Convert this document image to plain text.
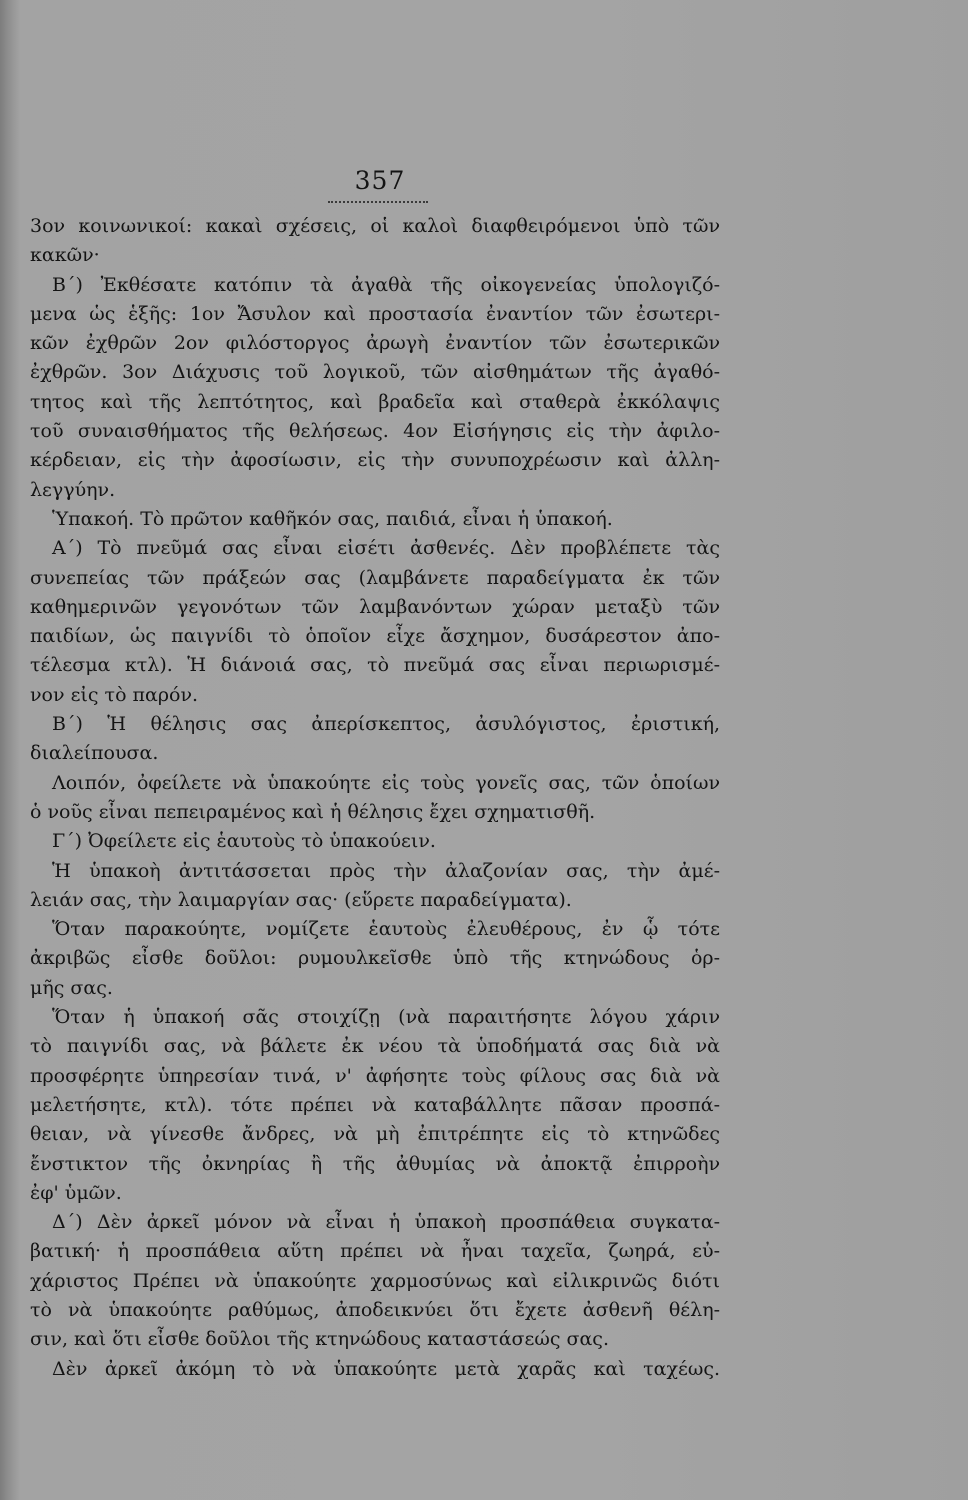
357
3ον κοινωνικοί: κακαὶ σχέσεις, οἱ καλοὶ διαφθειρόμενοι ὑπὸ τῶν
κακῶν·
Β΄) Ἐκθέσατε κατόπιν τὰ ἀγαθὰ τῆς οἰκογενείας ὑπολογιζό-
μενα ὡς ἑξῆς: 1ον Ἄσυλον καὶ προστασία ἐναντίον τῶν ἐσωτερι-
κῶν ἐχθρῶν 2ον φιλόστοργος ἀρωγὴ ἐναντίον τῶν ἐσωτερικῶν
ἐχθρῶν. 3ον Διάχυσις τοῦ λογικοῦ, τῶν αἰσθημάτων τῆς ἀγαθό-
τητος καὶ τῆς λεπτότητος, καὶ βραδεῖα καὶ σταθερὰ ἐκκόλαψις
τοῦ συναισθήματος τῆς θελήσεως. 4ον Εἰσήγησις εἰς τὴν ἀφιλο-
κέρδειαν, εἰς τὴν ἀφοσίωσιν, εἰς τὴν συνυποχρέωσιν καὶ ἀλλη-
λεγγύην.
Ὑπακοή. Τὸ πρῶτον καθῆκόν σας, παιδιά, εἶναι ἡ ὑπακοή.
Α΄) Τὸ πνεῦμά σας εἶναι εἰσέτι ἀσθενές. Δὲν προβλέπετε τὰς
συνεπείας τῶν πράξεών σας (λαμβάνετε παραδείγματα ἐκ τῶν
καθημερινῶν γεγονότων τῶν λαμβανόντων χώραν μεταξὺ τῶν
παιδίων, ὡς παιγνίδι τὸ ὁποῖον εἶχε ἄσχημον, δυσάρεστον ἀπο-
τέλεσμα κτλ). Ἡ διάνοιά σας, τὸ πνεῦμά σας εἶναι περιωρισμέ-
νον εἰς τὸ παρόν.
Β΄) Ἡ θέλησις σας ἀπερίσκεπτος, ἀσυλόγιστος, ἐριστική,
διαλείπουσα.
Λοιπόν, ὀφείλετε νὰ ὑπακούητε εἰς τοὺς γονεῖς σας, τῶν ὁποίων
ὁ νοῦς εἶναι πεπειραμένος καὶ ἡ θέλησις ἔχει σχηματισθῆ.
Γ΄) Ὀφείλετε εἰς ἑαυτοὺς τὸ ὑπακούειν.
Ἡ ὑπακοὴ ἀντιτάσσεται πρὸς τὴν ἀλαζονίαν σας, τὴν ἀμέ-
λειάν σας, τὴν λαιμαργίαν σας· (εὕρετε παραδείγματα).
Ὅταν παρακούητε, νομίζετε ἑαυτοὺς ἐλευθέρους, ἐν ᾧ τότε
ἀκριβῶς εἶσθε δοῦλοι: ρυμουλκεῖσθε ὑπὸ τῆς κτηνώδους ὁρ-
μῆς σας.
Ὅταν ἡ ὑπακοή σᾶς στοιχίζῃ (νὰ παραιτήσητε λόγου χάριν
τὸ παιγνίδι σας, νὰ βάλετε ἐκ νέου τὰ ὑποδήματά σας διὰ νὰ
προσφέρητε ὑπηρεσίαν τινά, ν' ἀφήσητε τοὺς φίλους σας διὰ νὰ
μελετήσητε, κτλ). τότε πρέπει νὰ καταβάλλητε πᾶσαν προσπά-
θειαν, νὰ γίνεσθε ἄνδρες, νὰ μὴ ἐπιτρέπητε εἰς τὸ κτηνῶδες
ἔνστικτον τῆς ὀκνηρίας ἢ τῆς ἀθυμίας νὰ ἀποκτᾷ ἐπιρροὴν
ἐφ' ὑμῶν.
Δ΄) Δὲν ἀρκεῖ μόνον νὰ εἶναι ἡ ὑπακοὴ προσπάθεια συγκατα-
βατική· ἡ προσπάθεια αὕτη πρέπει νὰ ἦναι ταχεῖα, ζωηρά, εὐ-
χάριστος Πρέπει νὰ ὑπακούητε χαρμοσύνως καὶ εἰλικρινῶς διότι
τὸ νὰ ὑπακούητε ραθύμως, ἀποδεικνύει ὅτι ἔχετε ἀσθενῆ θέλη-
σιν, καὶ ὅτι εἶσθε δοῦλοι τῆς κτηνώδους καταστάσεώς σας.
Δὲν ἀρκεῖ ἀκόμη τὸ νὰ ὑπακούητε μετὰ χαρᾶς καὶ ταχέως.
